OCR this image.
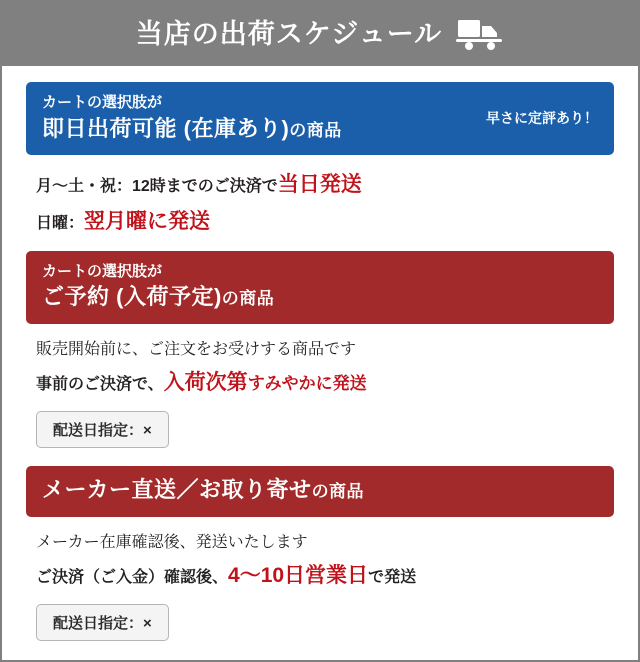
当店の出荷スケジュール
カートの選択肢が
即日出荷可能 (在庫あり)の商品
早さに定評あり！
月～土・祝：12時までのご決済で当日発送
日曜：翌月曜に発送
カートの選択肢が
ご予約 (入荷予定)の商品
販売開始前に、ご注文をお受けする商品です
事前のご決済で、入荷次第すみやかに発送
配送日指定：×
メーカー直送／お取り寄せの商品
メーカー在庫確認後、発送いたします
ご決済（ご入金）確認後、4～10日営業日で発送
配送日指定：×
